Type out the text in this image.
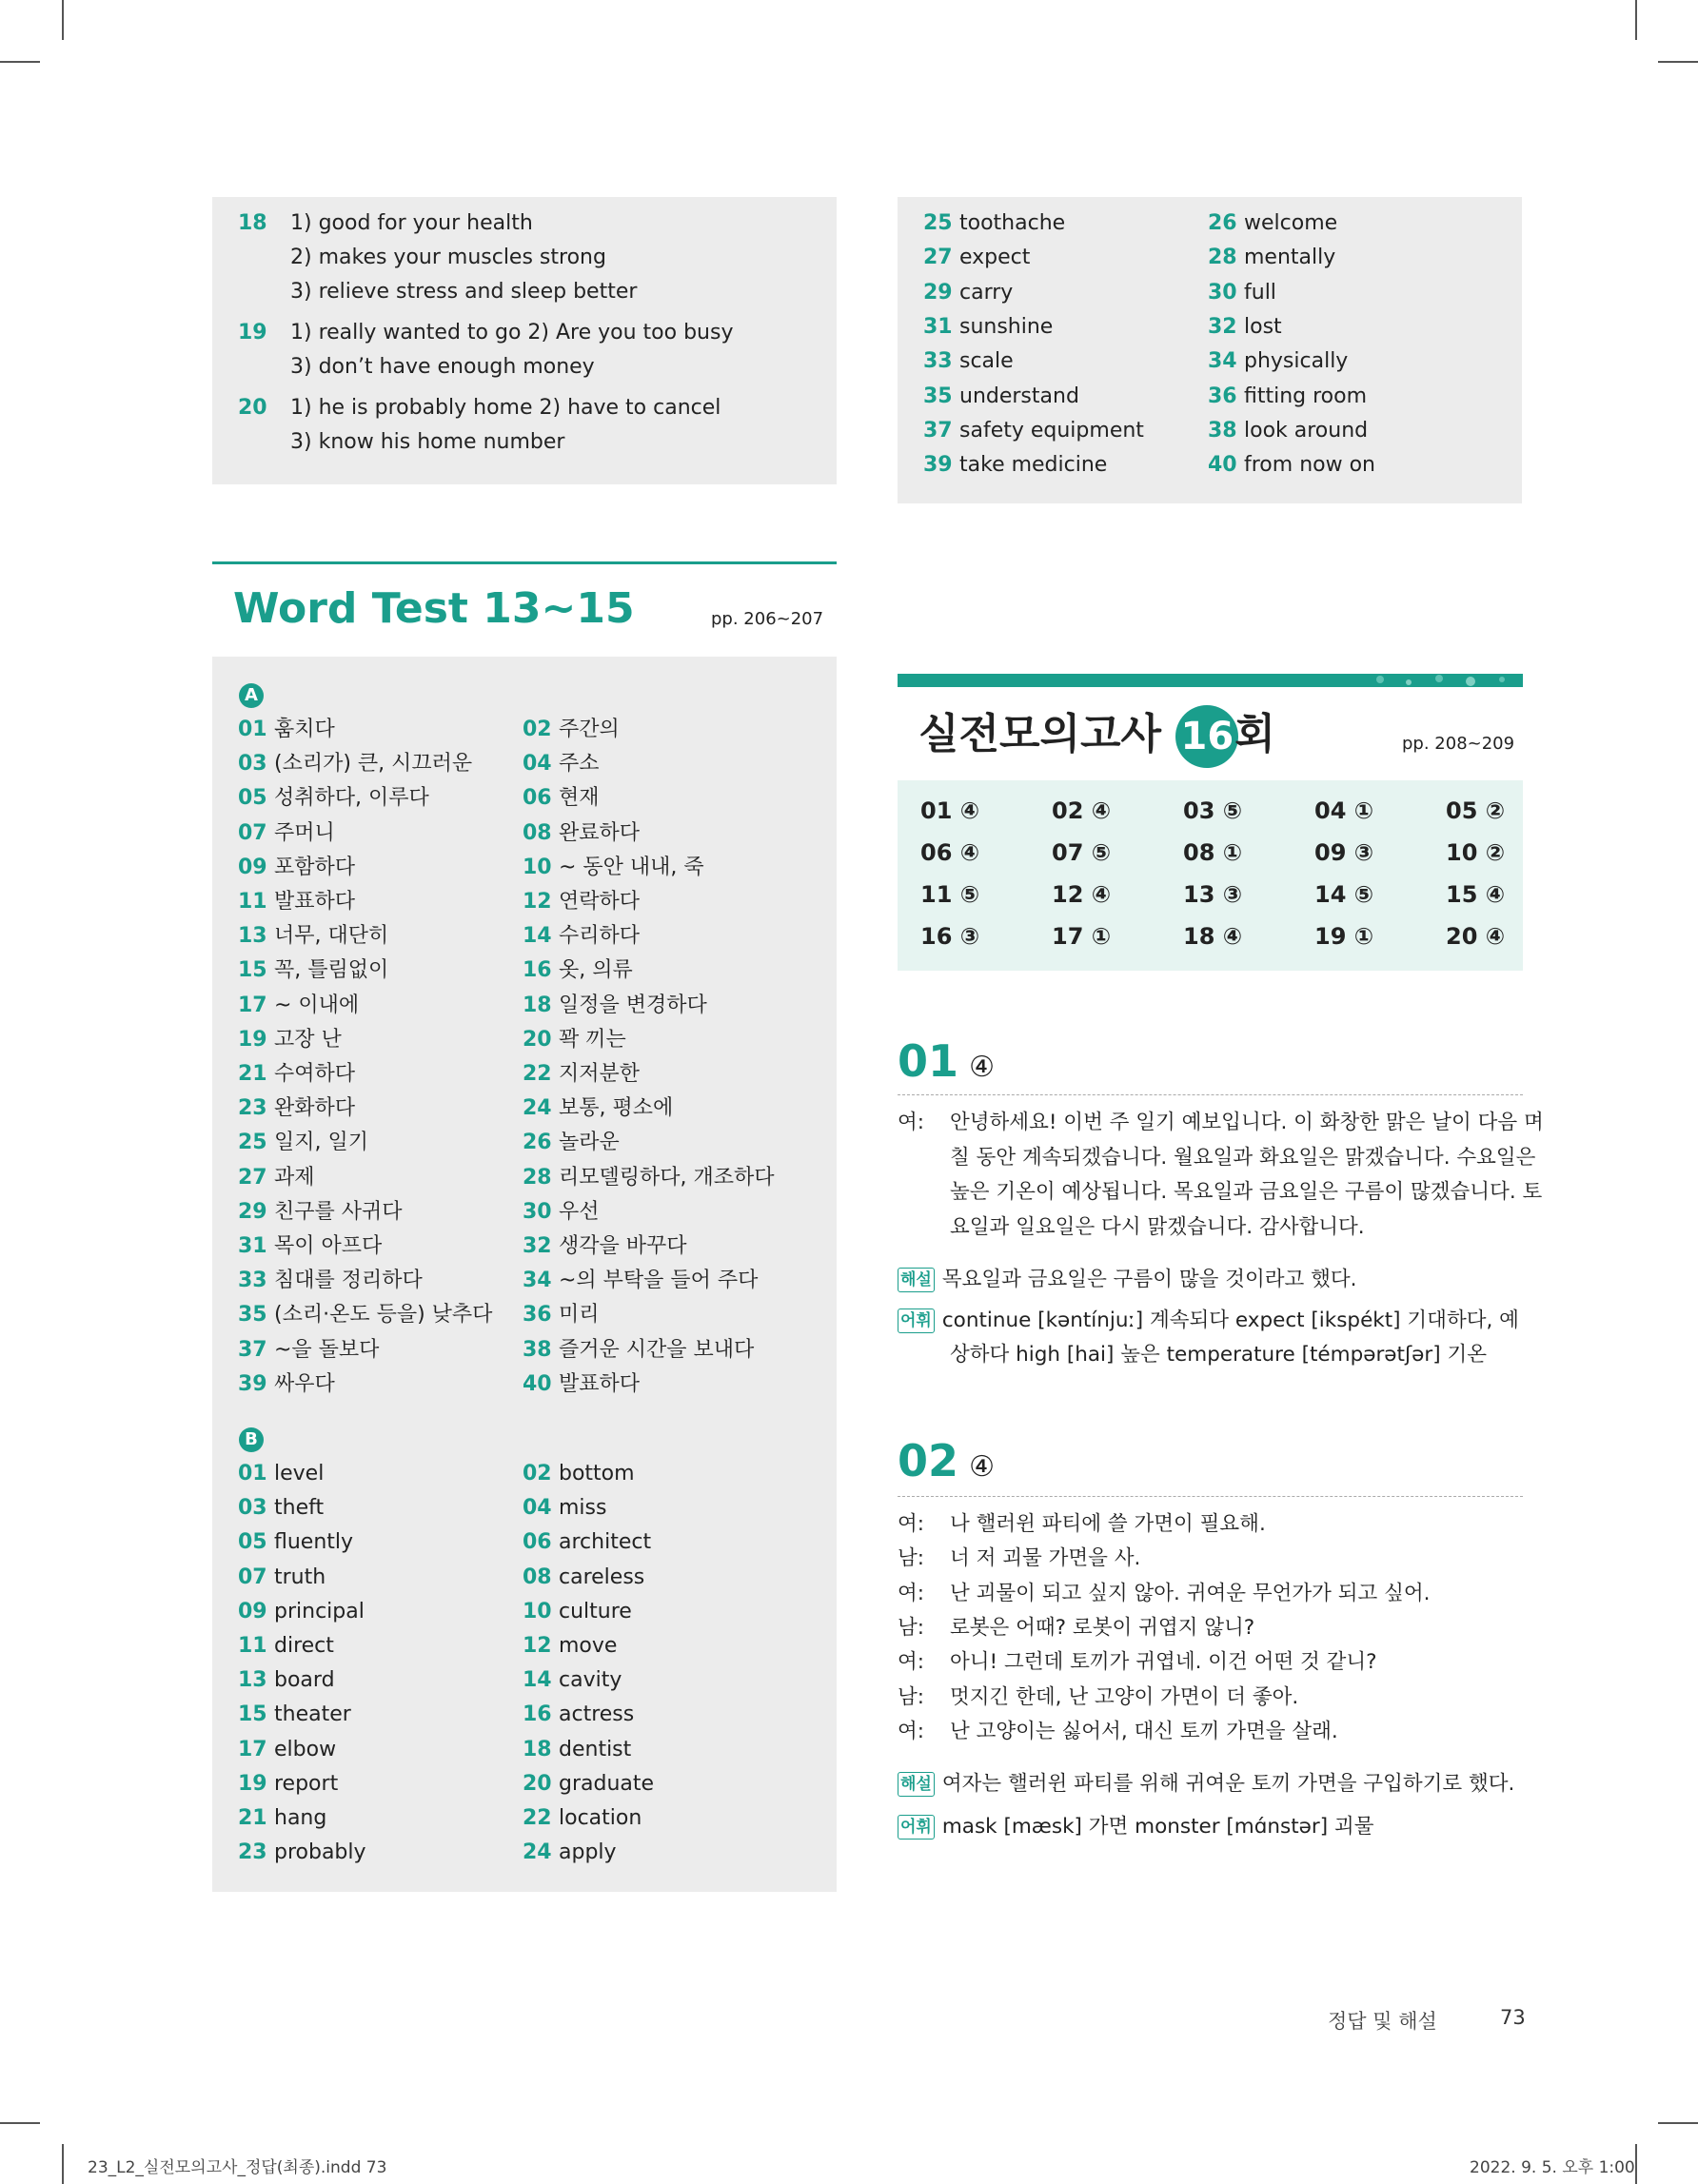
18 1) good for your health
2) makes your muscles strong
3) relieve stress and sleep better
19 1) really wanted to go 2) Are you too busy
3) don’t have enough money
20 1) he is probably home 2) have to cancel
3) know his home number
25 toothache	26 welcome
27 expect	28 mentally
29 carry	30 full
31 sunshine	32 lost
33 scale	34 physically
35 understand	36 fitting room
37 safety equipment	38 look around
39 take medicine	40 from now on
Word Test 13~15	pp. 206~207
A
01 훔치다	02 주간의
03 (소리가) 큰, 시끄러운 04 주소
05 성취하다, 이루다	06 현재
07 주머니	08 완료하다
09 포함하다	10 ~ 동안 내내, 죽
11 발표하다	12 연락하다
13 너무, 대단히	14 수리하다
15 꼭, 틀림없이	16 옷, 의류
17 ~ 이내에	18 일정을 변경하다
19 고장 난	20 꽉 끼는
21 수여하다	22 지저분한
23 완화하다	24 보통, 평소에
25 일지, 일기	26 놀라운
27 과제	28 리모델링하다, 개조하다
29 친구를 사귀다	30 우선
31 목이 아프다	32 생각을 바꾸다
33 침대를 정리하다	34 ~의 부탁을 들어 주다
35 (소리·온도 등을) 낮추다 36 미리
37 ~을 돌보다	38 즐거운 시간을 보내다
39 싸우다	40 발표하다
B
01 level	02 bottom
03 theft	04 miss
05 fluently	06 architect
07 truth	08 careless
09 principal	10 culture
11 direct	12 move
13 board	14 cavity
15 theater	16 actress
17 elbow	18 dentist
19 report	20 graduate
21 hang	22 location
23 probably	24 apply
실전모의고사 16회	pp. 208~209
01 ④	02 ④	03 ⑤	04 ①	05 ②
06 ④	07 ⑤	08 ①	09 ③	10 ②
11 ⑤	12 ④	13 ③	14 ⑤	15 ④
16 ③	17 ①	18 ④	19 ①	20 ④
01 ④
여: 안녕하세요! 이번 주 일기 예보입니다. 이 화창한 맑은 날이 다음 며
칠 동안 계속되겠습니다. 월요일과 화요일은 맑겠습니다. 수요일은
높은 기온이 예상됩니다. 목요일과 금요일은 구름이 많겠습니다. 토
요일과 일요일은 다시 맑겠습니다. 감사합니다.
해설 목요일과 금요일은 구름이 많을 것이라고 했다.
어휘 continue [kəntínjuː] 계속되다 expect [ikspékt] 기대하다, 예
상하다 high [hai] 높은 temperature [témpərətʃər] 기온
02 ④
여: 나 핼러윈 파티에 쓸 가면이 필요해.
남: 너 저 괴물 가면을 사.
여: 난 괴물이 되고 싶지 않아. 귀여운 무언가가 되고 싶어.
남: 로봇은 어때? 로봇이 귀엽지 않니?
여: 아니! 그런데 토끼가 귀엽네. 이건 어떤 것 같니?
남: 멋지긴 한데, 난 고양이 가면이 더 좋아.
여: 난 고양이는 싫어서, 대신 토끼 가면을 살래.
해설 여자는 핼러윈 파티를 위해 귀여운 토끼 가면을 구입하기로 했다.
어휘 mask [mæsk] 가면 monster [mɑ́nstər] 괴물
정답 및 해설	73
23_L2_실전모의고사_정답(최종).indd 73	2022. 9. 5. 오후 1:00
